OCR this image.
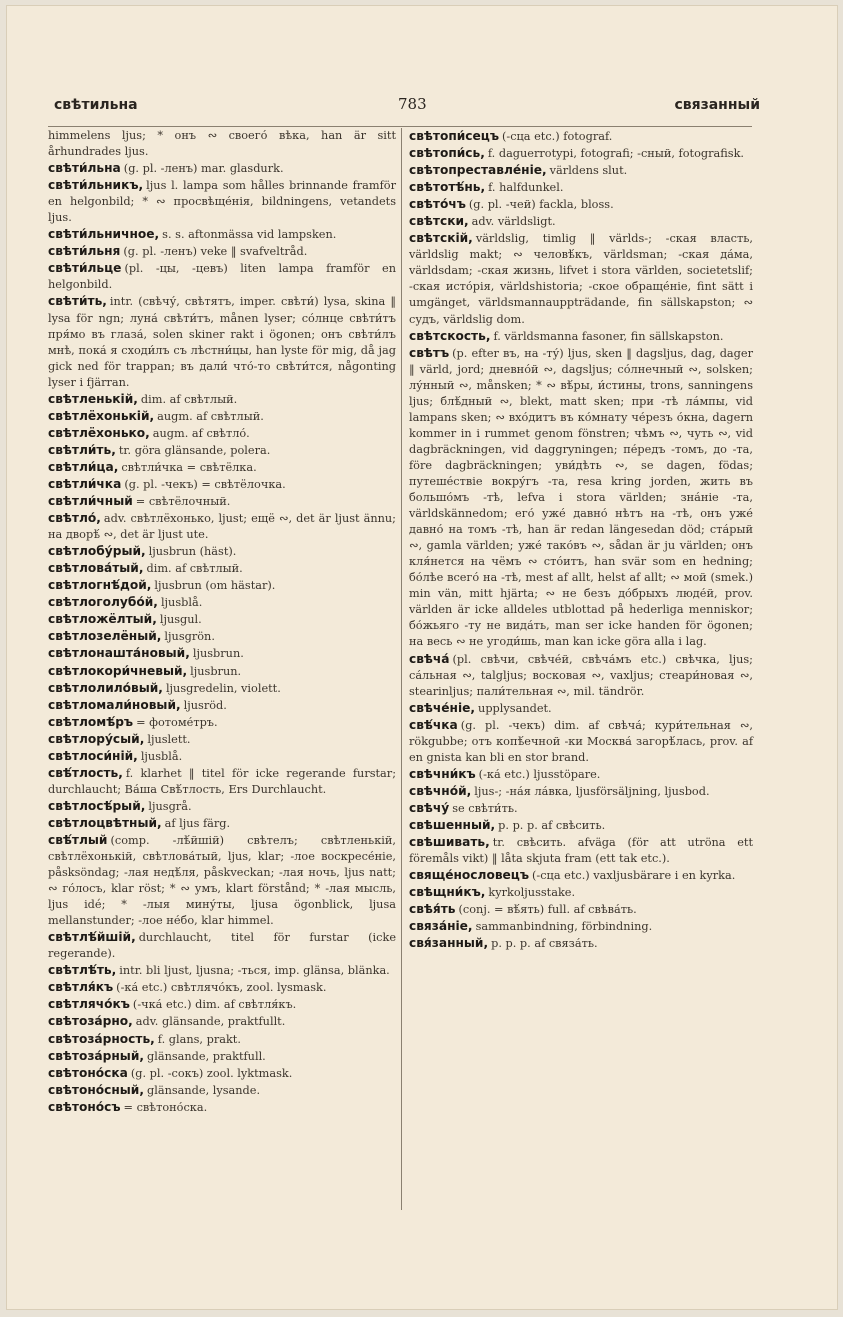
свѣтильна	783	связанный
himmelens ljus; * онъ ∾ своего́ вѣка, han är sitt århundrades ljus.
свѣти́льна (g. pl. -ленъ) mar. glasdurk.
свѣти́льникъ, ljus l. lampa som hålles brinnande framför en helgonbild; * ∾ просвѣще́нія, bildningens, vetandets ljus.
свѣти́льничное, s. s. aftonmässa vid lampsken.
свѣти́льня (g. pl. -ленъ) veke ‖ svafveltråd.
свѣти́льце (pl. -цы, -цевъ) liten lampa framför en helgonbild.
свѣти́ть, intr. (свѣчу́, свѣтятъ, imper. свѣти́) lysa, skina ‖ lysa för ngn; луна́ свѣти́тъ, månen lyser; со́лнце свѣти́тъ пря́мо въ глаза́, solen skiner rakt i ögonen; онъ свѣти́лъ мнѣ, пока́ я сходи́лъ съ лѣстни́цы, han lyste för mig, då jag gick ned för trappan; въ дали́ что́-то свѣти́тся, någonting lyser i fjärran.
свѣтленькій, dim. af свѣтлый.
свѣтлёхонькій, augm. af свѣтлый.
свѣтлёхонько, augm. af свѣтло́.
свѣтли́ть, tr. göra glänsande, polera.
свѣтли́ца, свѣтли́чка = свѣтёлка.
свѣтли́чка (g. pl. -чекъ) = свѣтёлочка.
свѣтли́чный = свѣтёлочный.
свѣтло́, adv. свѣтлёхонько, ljust; ещё ∾, det är ljust ännu; на дворѣ́ ∾, det är ljust ute.
свѣтлобу́рый, ljusbrun (häst).
свѣтлова́тый, dim. af свѣтлый.
свѣтлогнѣ́дой, ljusbrun (om hästar).
свѣтлоголубо́й, ljusblå.
свѣтложёлтый, ljusgul.
свѣтлозелёный, ljusgrön.
свѣтлонашта́новый, ljusbrun.
свѣтлокори́чневый, ljusbrun.
свѣтлолило́вый, ljusgredelin, violett.
свѣтломали́новый, ljusröd.
свѣтломѣ́ръ = фотоме́тръ.
свѣтлору́сый, ljuslett.
свѣтлоси́ній, ljusblå.
свѣ́тлость, f. klarhet ‖ titel för icke regerande furstar; durchlaucht; Ва́ша Свѣ́тлость, Ers Durchlaucht.
свѣтлосѣ́рый, ljusgrå.
свѣтлоцвѣтный, af ljus färg.
свѣ́тлый (comp. -лѣ́йшій) свѣтелъ; свѣтленькій, свѣтлёхонькій, свѣтлова́тый, ljus, klar; -лое воскресе́ніе, påsksöndag; -лая недѣ́ля, påskveckan; -лая ночь, ljus natt; ∾ го́лосъ, klar röst; * ∾ умъ, klart förstånd; * -лая мысль, ljus idé; * -лыя мину́ты, ljusa ögonblick, ljusa mellanstunder; -лое не́бо, klar himmel.
свѣтлѣ́йшій, durchlaucht, titel för furstar (icke regerande).
свѣтлѣ́ть, intr. bli ljust, ljusna; -ться, imp. glänsa, blänka.
свѣтля́къ (-ка́ etc.) свѣтлячо́къ, zool. lysmask.
свѣтлячо́къ (-чка́ etc.) dim. af свѣтля́къ.
свѣтоза́рно, adv. glänsande, praktfullt.
свѣтоза́рность, f. glans, prakt.
свѣтоза́рный, glänsande, praktfull.
свѣтоно́ска (g. pl. -сокъ) zool. lyktmask.
свѣтоно́сный, glänsande, lysande.
свѣтоно́съ = свѣтоно́ска.
свѣтопи́сецъ (-сца etc.) fotograf.
свѣтопи́сь, f. daguerrotypi, fotografi; -сный, fotografisk.
свѣтопреставле́ніе, världens slut.
свѣтотѣ́нь, f. halfdunkel.
свѣто́чъ (g. pl. -чей) fackla, bloss.
свѣтски, adv. världsligt.
свѣтскій, världslig, timlig ‖ världs-; -ская власть, världslig makt; ∾ человѣ́къ, världsman; -ская да́ма, världsdam; -ская жизнь, lifvet i stora världen, societetslif; -ская исто́рія, världshistoria; -ское обраще́ніе, fint sätt i umgänget, världsmannauppträdande, fin sällskapston; ∾ судъ, världslig dom.
свѣтскость, f. världsmanna fasoner, fin sällskapston.
свѣтъ (p. efter въ, на -ту́) ljus, sken ‖ dagsljus, dag, dager ‖ värld, jord; дневно́й ∾, dagsljus; со́лнечный ∾, solsken; лу́нный ∾, månsken; * ∾ вѣ́ры, и́стины, trons, sanningens ljus; блѣ́дный ∾, blekt, matt sken; при -тѣ ла́мпы, vid lampans sken; ∾ вхо́дитъ въ ко́мнату че́резъ о́кна, dagern kommer in i rummet genom fönstren; чѣмъ ∾, чуть ∾, vid dagbräckningen, vid daggryningen; пе́редъ -томъ, до -та, före dagbräckningen; уви́дѣть ∾, se dagen, födas; путеше́ствіе вокру́гъ -та, resa kring jorden, жить въ большо́мъ -тѣ, lefva i stora världen; зна́ніе -та, världskännedom; его́ уже́ давно́ нѣтъ на -тѣ, онъ уже́ давно́ на томъ -тѣ, han är redan längesedan död; ста́рый ∾, gamla världen; уже́ тако́въ ∾, sådan är ju världen; онъ кля́нется на чёмъ ∾ сто́итъ, han svär som en hedning; бо́лѣе всего́ на -тѣ, mest af allt, helst af allt; ∾ мой (smek.) min vän, mitt hjärta; ∾ не безъ до́брыхъ люде́й, prov. världen är icke alldeles utblottad på hederliga menniskor; бо́жьяго -ту не вида́ть, man ser icke handen för ögonen; на весь ∾ не угоди́шь, man kan icke göra alla i lag.
свѣча́ (pl. свѣчи, свѣче́й, свѣча́мъ etc.) свѣчка, ljus; са́льная ∾, talgljus; восковая ∾, vaxljus; стеари́новая ∾, stearinljus; пали́тельная ∾, mil. tändrör.
свѣче́ніе, upplysandet.
свѣ́чка (g. pl. -чекъ) dim. af свѣча́; кури́тельная ∾, rökgubbe; отъ копѣ́ечной -ки Москва́ загорѣ́лась, prov. af en gnista kan bli en stor brand.
свѣчни́къ (-ка́ etc.) ljusstöpare.
свѣчно́й, ljus-; -на́я ла́вка, ljusförsäljning, ljusbod.
свѣчу́ se свѣти́ть.
свѣшенный, p. p. p. af свѣсить.
свѣшивать, tr. свѣсить. afväga (för att utröna ett föremåls vikt) ‖ låta skjuta fram (ett tak etc.).
свяще́нословецъ (-сца etc.) vaxljusbärare i en kyrka.
свѣщни́къ, kyrkoljusstake.
свѣя́ть (conj. = вѣ́ять) full. af свѣва́ть.
связа́ніе, sammanbindning, förbindning.
свя́занный, p. p. p. af связа́ть.
